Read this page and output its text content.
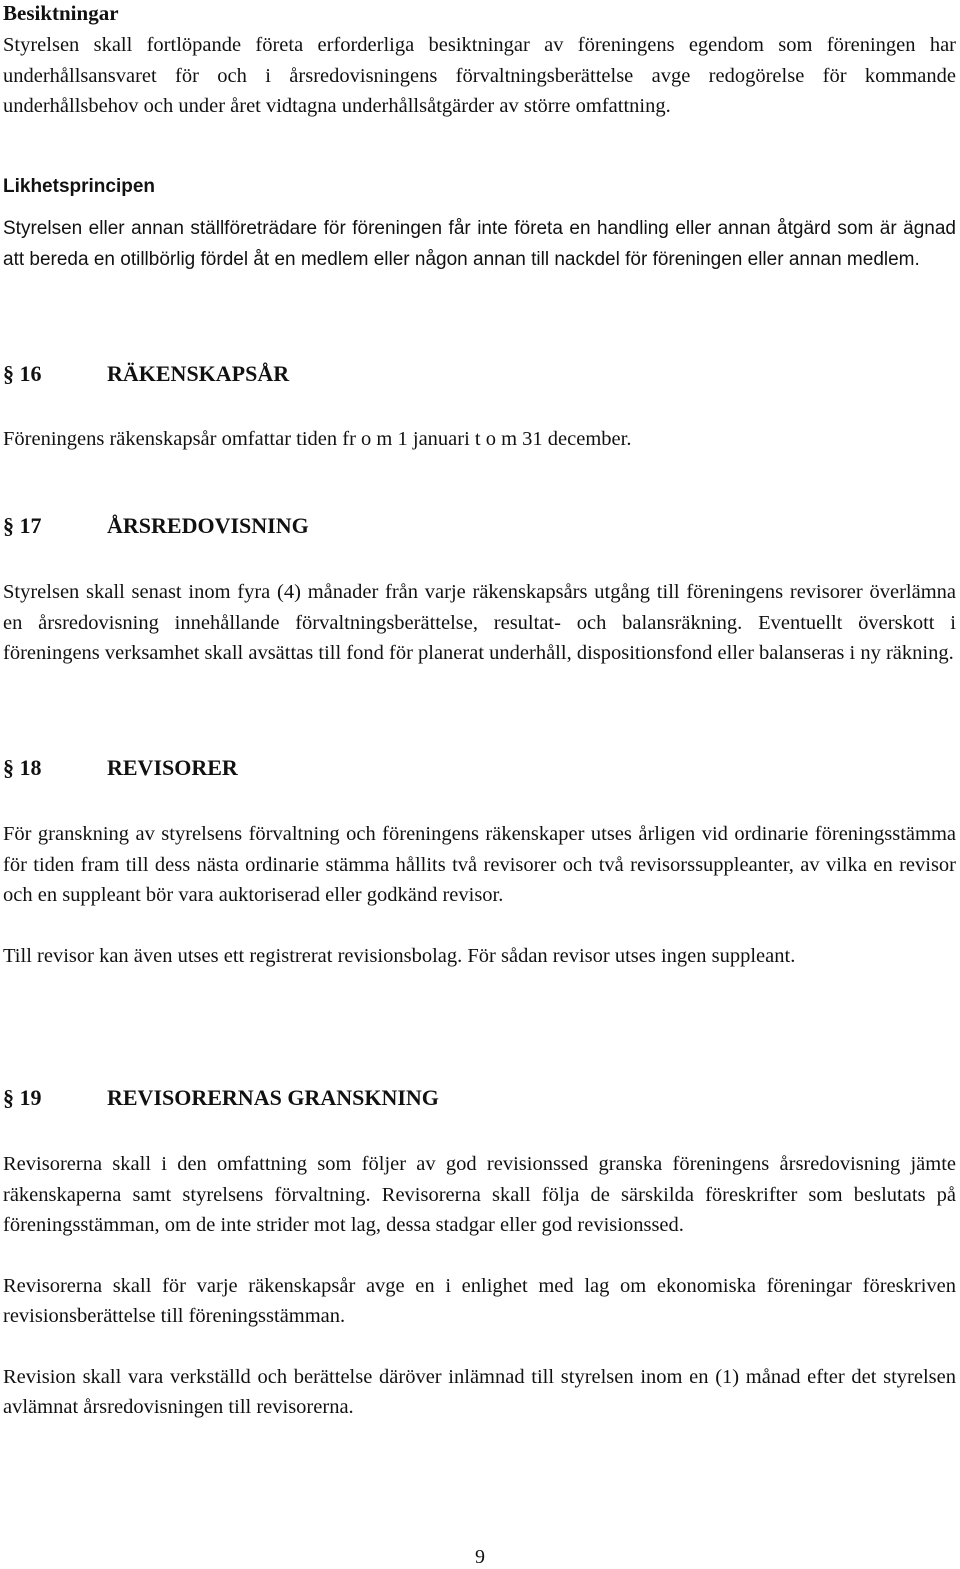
Besiktningar

Styrelsen skall fortlöpande företa erforderliga besiktningar av föreningens egendom som föreningen har underhållsansvaret för och i årsredovisningens förvaltningsberättelse avge redogörelse för kommande underhållsbehov och under året vidtagna underhållsåtgärder av större omfattning.

Likhetsprincipen

Styrelsen eller annan ställföreträdare för föreningen får inte företa en handling eller annan åtgärd som är ägnad att bereda en otillbörlig fördel åt en medlem eller någon annan till nackdel för föreningen eller annan medlem.

§ 16	RÄKENSKAPSÅR

Föreningens räkenskapsår omfattar tiden fr o m 1 januari t o m 31 december.

§ 17	ÅRSREDOVISNING

Styrelsen skall senast inom fyra (4) månader från varje räkenskapsårs utgång till föreningens revisorer överlämna en årsredovisning innehållande förvaltningsberättelse, resultat- och balansräkning. Eventuellt överskott i föreningens verksamhet skall avsättas till fond för planerat underhåll, dispositionsfond eller balanseras i ny räkning.

§ 18	REVISORER

För granskning av styrelsens förvaltning och föreningens räkenskaper utses årligen vid ordinarie föreningsstämma för tiden fram till dess nästa ordinarie stämma hållits två revisorer och två revisorssuppleanter, av vilka en revisor och en suppleant bör vara auktoriserad eller godkänd revisor.

Till revisor kan även utses ett registrerat revisionsbolag. För sådan revisor utses ingen suppleant.

§ 19	REVISORERNAS GRANSKNING

Revisorerna skall i den omfattning som följer av god revisionssed granska föreningens årsredovisning jämte räkenskaperna samt styrelsens förvaltning. Revisorerna skall följa de särskilda föreskrifter som beslutats på föreningsstämman, om de inte strider mot lag, dessa stadgar eller god revisionssed.

Revisorerna skall för varje räkenskapsår avge en i enlighet med lag om ekonomiska föreningar föreskriven revisionsberättelse till föreningsstämman.

Revision skall vara verkställd och berättelse däröver inlämnad till styrelsen inom en (1) månad efter det styrelsen avlämnat årsredovisningen till revisorerna.

9
